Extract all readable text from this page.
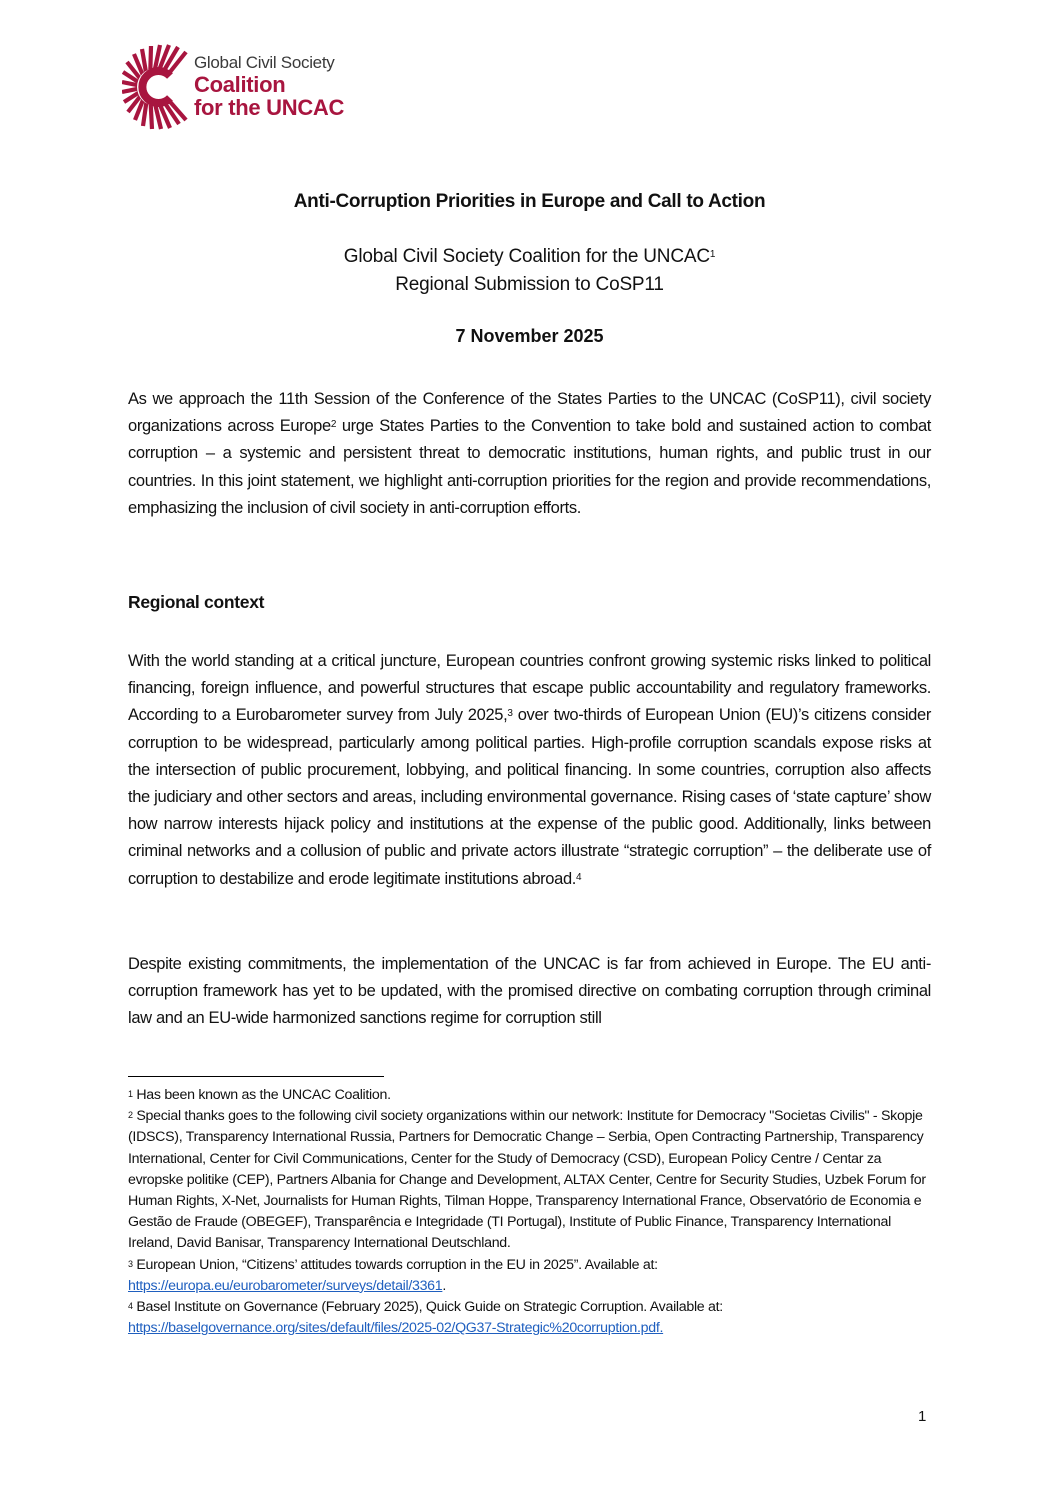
Global Civil Society
Coalition
for the UNCAC
Anti-Corruption Priorities in Europe and Call to Action
Global Civil Society Coalition for the UNCAC$^1$
Regional Submission to CoSP11
7 November 2025

As we approach the 11th Session of the Conference of the States Parties to the UNCAC (CoSP11), civil society organizations across Europe$^2$ urge States Parties to the Convention to take bold and sustained action to combat corruption – a systemic and persistent threat to democratic institutions, human rights, and public trust in our countries. In this joint statement, we highlight anti-corruption priorities for the region and provide recommendations, emphasizing the inclusion of civil society in anti-corruption efforts.

Regional context

With the world standing at a critical juncture, European countries confront growing systemic risks linked to political financing, foreign influence, and powerful structures that escape public accountability and regulatory frameworks. According to a Eurobarometer survey from July 2025,$^3$ over two-thirds of European Union (EU)’s citizens consider corruption to be widespread, particularly among political parties. High-profile corruption scandals expose risks at the intersection of public procurement, lobbying, and political financing. In some countries, corruption also affects the judiciary and other sectors and areas, including environmental governance. Rising cases of ‘state capture’ show how narrow interests hijack policy and institutions at the expense of the public good. Additionally, links between criminal networks and a collusion of public and private actors illustrate “strategic corruption” – the deliberate use of corruption to destabilize and erode legitimate institutions abroad.$^4$

Despite existing commitments, the implementation of the UNCAC is far from achieved in Europe. The EU anti-corruption framework has yet to be updated, with the promised directive on combating corruption through criminal law and an EU-wide harmonized sanctions regime for corruption still

$^1$ Has been known as the UNCAC Coalition.
$^2$ Special thanks goes to the following civil society organizations within our network: Institute for Democracy "Societas Civilis" - Skopje (IDSCS), Transparency International Russia, Partners for Democratic Change – Serbia, Open Contracting Partnership, Transparency International, Center for Civil Communications, Center for the Study of Democracy (CSD), European Policy Centre / Centar za evropske politike (CEP), Partners Albania for Change and Development, ALTAX Center, Centre for Security Studies, Uzbek Forum for Human Rights, X-Net, Journalists for Human Rights, Tilman Hoppe, Transparency International France, Observatório de Economia e Gestão de Fraude (OBEGEF), Transparência e Integridade (TI Portugal), Institute of Public Finance, Transparency International Ireland, David Banisar, Transparency International Deutschland.
$^3$ European Union, “Citizens’ attitudes towards corruption in the EU in 2025”. Available at: https://europa.eu/eurobarometer/surveys/detail/3361.
$^4$ Basel Institute on Governance (February 2025), Quick Guide on Strategic Corruption. Available at: https://baselgovernance.org/sites/default/files/2025-02/QG37-Strategic%20corruption.pdf.
1
